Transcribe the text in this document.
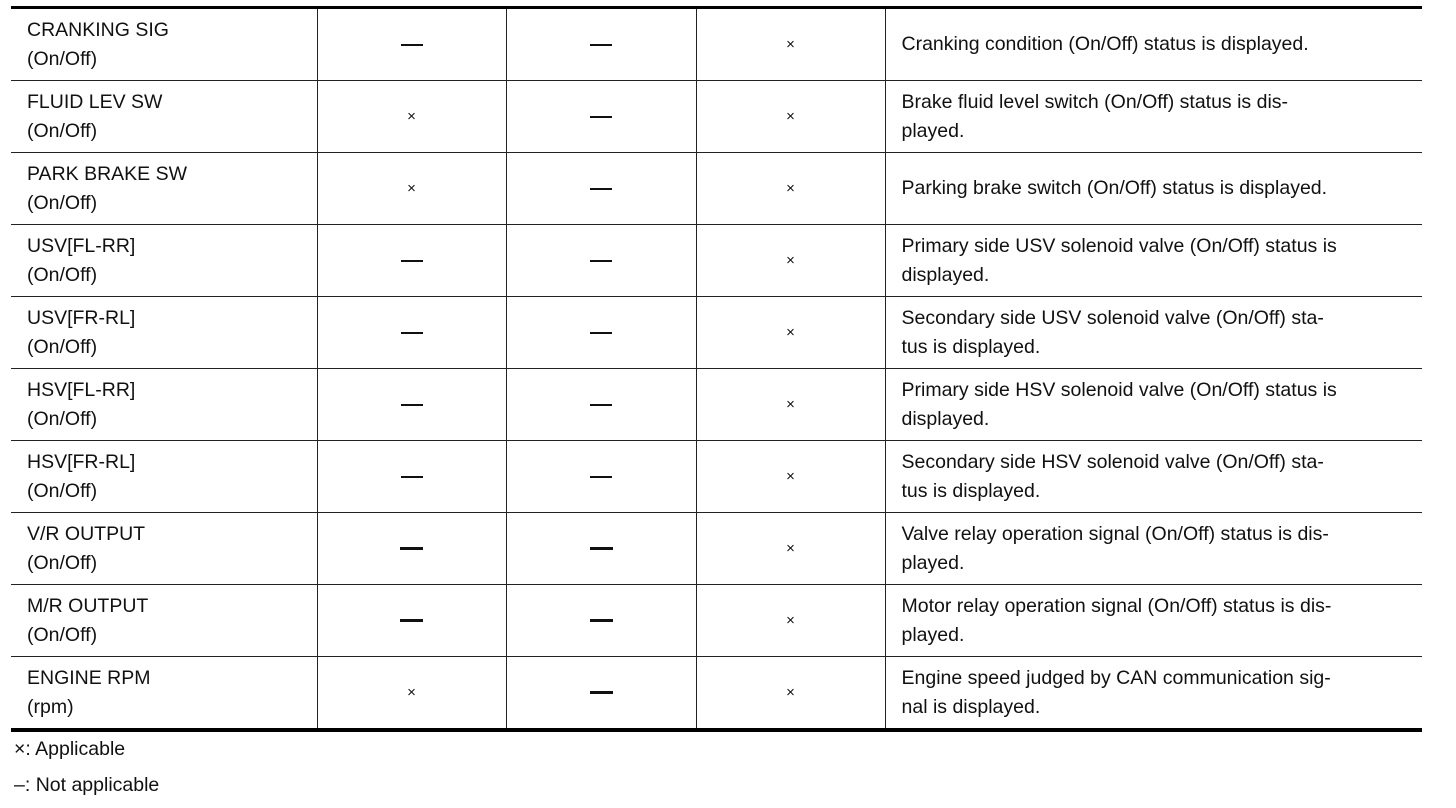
CRANKING SIG
(On/Off)			×	Cranking condition (On/Off) status is displayed.
FLUID LEV SW
(On/Off)	×		×	Brake fluid level switch (On/Off) status is dis-
played.
PARK BRAKE SW
(On/Off)	×		×	Parking brake switch (On/Off) status is displayed.
USV[FL-RR]
(On/Off)			×	Primary side USV solenoid valve (On/Off) status is
displayed.
USV[FR-RL]
(On/Off)			×	Secondary side USV solenoid valve (On/Off) sta-
tus is displayed.
HSV[FL-RR]
(On/Off)			×	Primary side HSV solenoid valve (On/Off) status is
displayed.
HSV[FR-RL]
(On/Off)			×	Secondary side HSV solenoid valve (On/Off) sta-
tus is displayed.
V/R OUTPUT
(On/Off)			×	Valve relay operation signal (On/Off) status is dis-
played.
M/R OUTPUT
(On/Off)			×	Motor relay operation signal (On/Off) status is dis-
played.
ENGINE RPM
(rpm)	×		×	Engine speed judged by CAN communication sig-
nal is displayed.
×: Applicable
–: Not applicable
